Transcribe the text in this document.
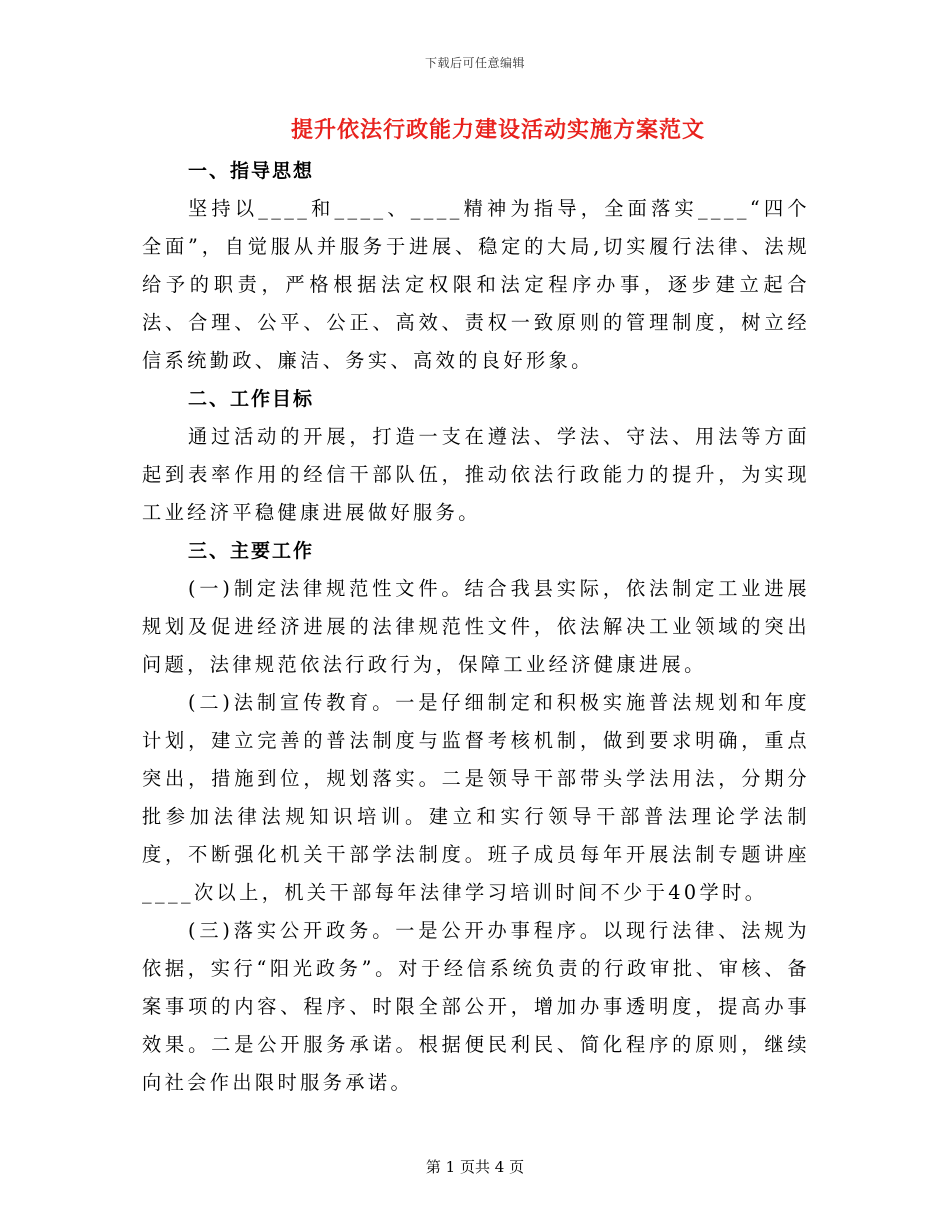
下载后可任意编辑
提升依法行政能力建设活动实施方案范文

一、指导思想

坚持以____和____、____精神为指导，全面落实____“四个全面”，自觉服从并服务于进展、稳定的大局,切实履行法律、法规给予的职责，严格根据法定权限和法定程序办事，逐步建立起合法、合理、公平、公正、高效、责权一致原则的管理制度，树立经信系统勤政、廉洁、务实、高效的良好形象。

二、工作目标

通过活动的开展，打造一支在遵法、学法、守法、用法等方面起到表率作用的经信干部队伍，推动依法行政能力的提升，为实现工业经济平稳健康进展做好服务。

三、主要工作

(一)制定法律规范性文件。结合我县实际，依法制定工业进展规划及促进经济进展的法律规范性文件，依法解决工业领域的突出问题，法律规范依法行政行为，保障工业经济健康进展。

(二)法制宣传教育。一是仔细制定和积极实施普法规划和年度计划，建立完善的普法制度与监督考核机制，做到要求明确，重点突出，措施到位，规划落实。二是领导干部带头学法用法，分期分批参加法律法规知识培训。建立和实行领导干部普法理论学法制度，不断强化机关干部学法制度。班子成员每年开展法制专题讲座____次以上，机关干部每年法律学习培训时间不少于40学时。

(三)落实公开政务。一是公开办事程序。以现行法律、法规为依据，实行“阳光政务”。对于经信系统负责的行政审批、审核、备案事项的内容、程序、时限全部公开，增加办事透明度，提高办事效果。二是公开服务承诺。根据便民利民、简化程序的原则，继续向社会作出限时服务承诺。

第 1 页共 4 页
